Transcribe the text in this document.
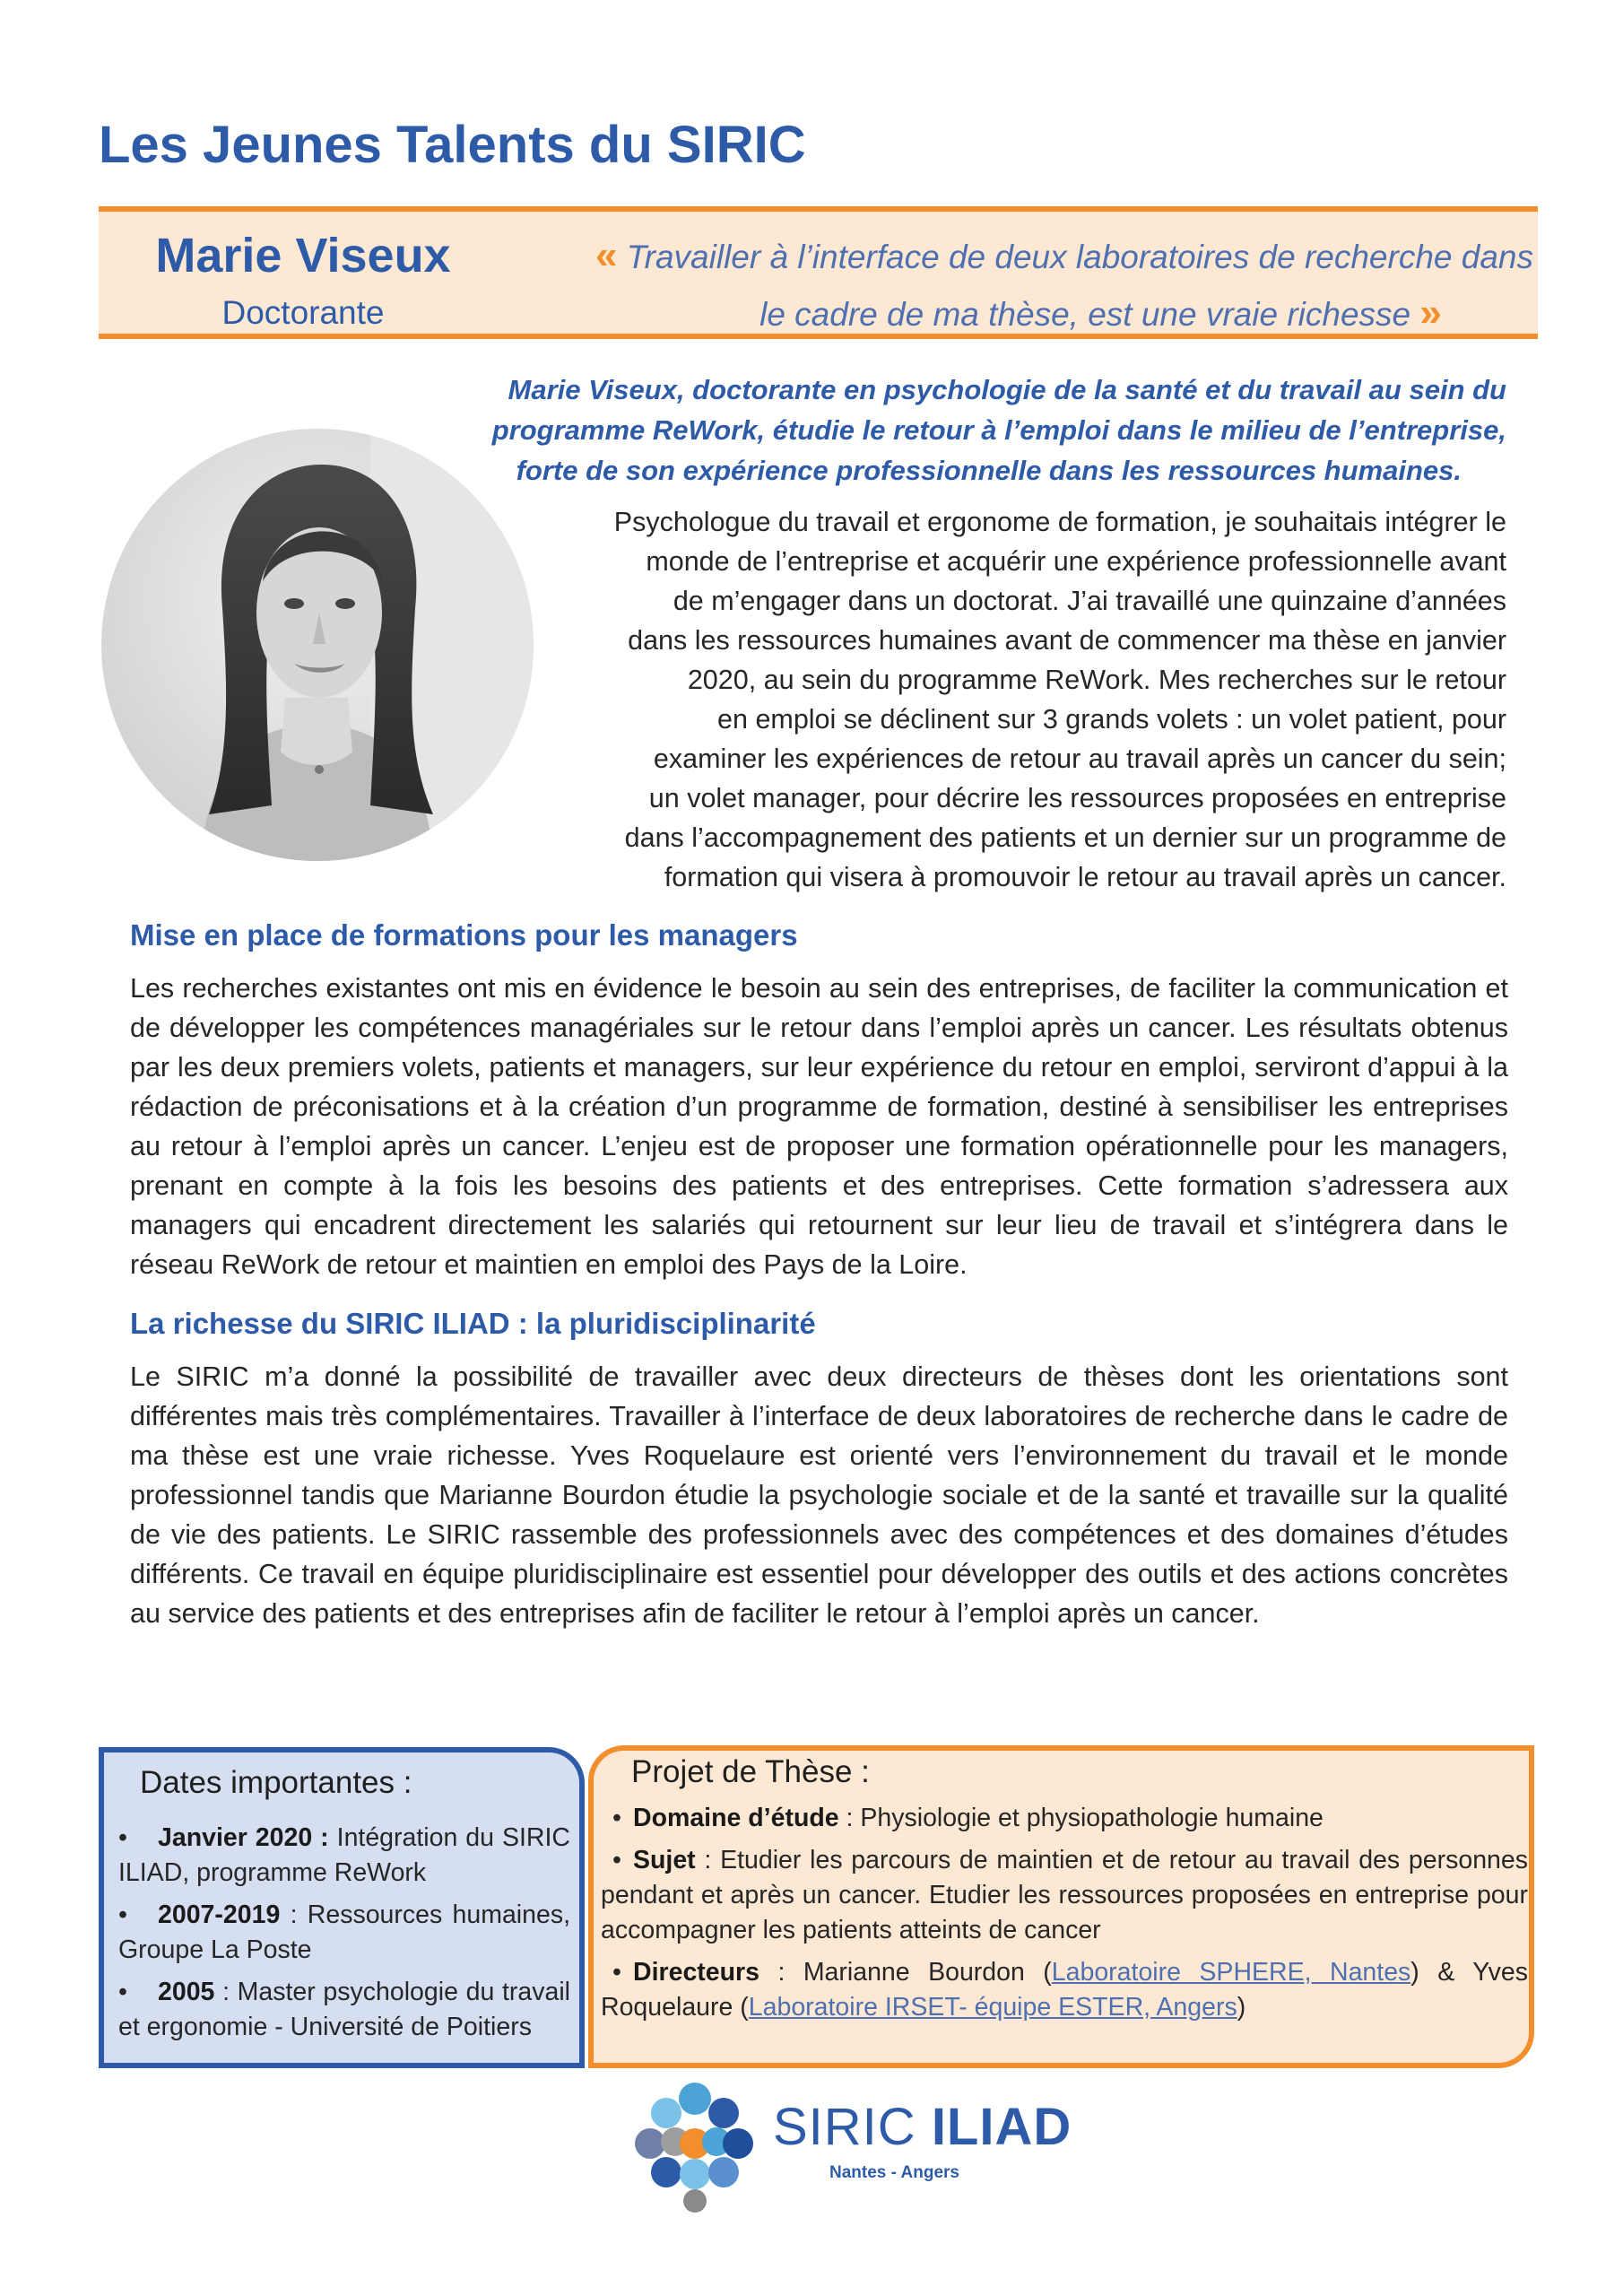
Les Jeunes Talents du SIRIC
Marie Viseux
Doctorante
« Travailler à l’interface de deux laboratoires de recherche dans
le cadre de ma thèse, est une vraie richesse »
Marie Viseux, doctorante en psychologie de la santé et du travail au sein du
programme ReWork, étudie le retour à l’emploi dans le milieu de l’entreprise,
forte de son expérience professionnelle dans les ressources humaines.
Psychologue du travail et ergonome de formation, je souhaitais intégrer le
monde de l’entreprise et acquérir une expérience professionnelle avant
de m’engager dans un doctorat. J’ai travaillé une quinzaine d’années
dans les ressources humaines avant de commencer ma thèse en janvier
2020, au sein du programme ReWork. Mes recherches sur le retour
en emploi se déclinent sur 3 grands volets : un volet patient, pour
examiner les expériences de retour au travail après un cancer du sein;
un volet manager, pour décrire les ressources proposées en entreprise
dans l’accompagnement des patients et un dernier sur un programme de
formation qui visera à promouvoir le retour au travail après un cancer.
Mise en place de formations pour les managers

Les recherches existantes ont mis en évidence le besoin au sein des entreprises, de faciliter la communication et de développer les compétences managériales sur le retour dans l’emploi après un cancer. Les résultats obtenus par les deux premiers volets, patients et managers, sur leur expérience du retour en emploi, serviront d’appui à la rédaction de préconisations et à la création d’un programme de formation, destiné à sensibiliser les entreprises au retour à l’emploi après un cancer. L’enjeu est de proposer une formation opérationnelle pour les managers, prenant en compte à la fois les besoins des patients et des entreprises. Cette formation s’adressera aux managers qui encadrent directement les salariés qui retournent sur leur lieu de travail et s’intégrera dans le réseau ReWork de retour et maintien en emploi des Pays de la Loire.

La richesse du SIRIC ILIAD : la pluridisciplinarité

Le SIRIC m’a donné la possibilité de travailler avec deux directeurs de thèses dont les orientations sont différentes mais très complémentaires. Travailler à l’interface de deux laboratoires de recherche dans le cadre de ma thèse est une vraie richesse. Yves Roquelaure est orienté vers l’environnement du travail et le monde professionnel tandis que Marianne Bourdon étudie la psychologie sociale et de la santé et travaille sur la qualité de vie des patients. Le SIRIC rassemble des professionnels avec des compétences et des domaines d’études différents. Ce travail en équipe pluridisciplinaire est essentiel pour développer des outils et des actions concrètes au service des patients et des entreprises afin de faciliter le retour à l’emploi après un cancer.

Dates importantes :
• Janvier 2020 : Intégration du SIRIC ILIAD, programme ReWork
• 2007-2019 : Ressources humaines, Groupe La Poste
• 2005 : Master psychologie du travail et ergonomie - Université de Poitiers
Projet de Thèse :
• Domaine d’étude : Physiologie et physiopathologie humaine
• Sujet : Etudier les parcours de maintien et de retour au travail des personnes pendant et après un cancer. Etudier les ressources proposées en entreprise pour accompagner les patients atteints de cancer
• Directeurs : Marianne Bourdon (Laboratoire SPHERE, Nantes) & Yves Roquelaure (Laboratoire IRSET- équipe ESTER, Angers)
SIRIC ILIAD
Nantes - Angers
